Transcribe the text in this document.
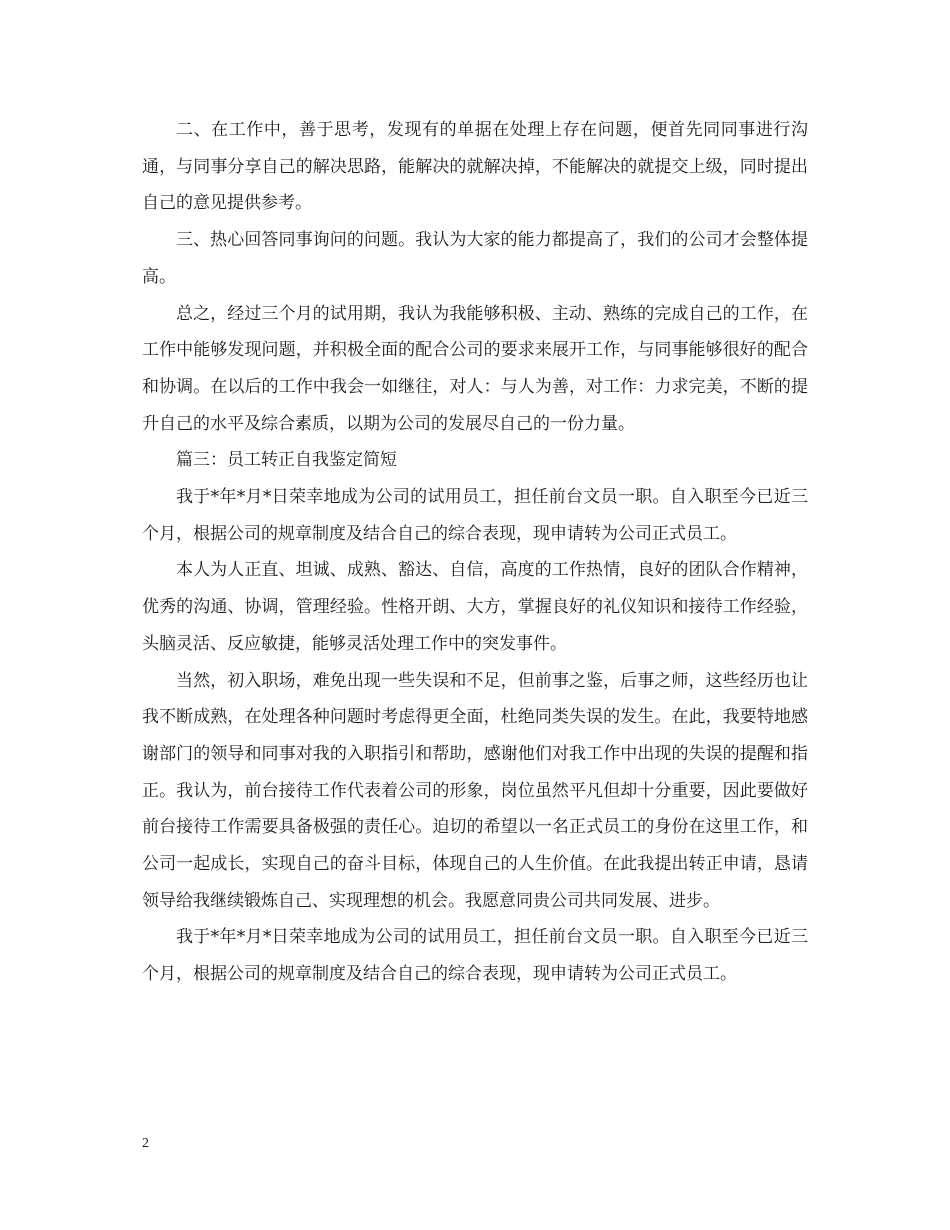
二、在工作中，善于思考，发现有的单据在处理上存在问题，便首先同同事进行沟通，与同事分享自己的解决思路，能解决的就解决掉，不能解决的就提交上级，同时提出自己的意见提供参考。

三、热心回答同事询问的问题。我认为大家的能力都提高了，我们的公司才会整体提高。

总之，经过三个月的试用期，我认为我能够积极、主动、熟练的完成自己的工作，在工作中能够发现问题，并积极全面的配合公司的要求来展开工作，与同事能够很好的配合和协调。在以后的工作中我会一如继往，对人：与人为善，对工作：力求完美，不断的提升自己的水平及综合素质，以期为公司的发展尽自己的一份力量。

篇三：员工转正自我鉴定简短

我于*年*月*日荣幸地成为公司的试用员工，担任前台文员一职。自入职至今已近三个月，根据公司的规章制度及结合自己的综合表现，现申请转为公司正式员工。

本人为人正直、坦诚、成熟、豁达、自信，高度的工作热情，良好的团队合作精神，优秀的沟通、协调，管理经验。性格开朗、大方，掌握良好的礼仪知识和接待工作经验，头脑灵活、反应敏捷，能够灵活处理工作中的突发事件。

当然，初入职场，难免出现一些失误和不足，但前事之鉴，后事之师，这些经历也让我不断成熟，在处理各种问题时考虑得更全面，杜绝同类失误的发生。在此，我要特地感谢部门的领导和同事对我的入职指引和帮助，感谢他们对我工作中出现的失误的提醒和指正。我认为，前台接待工作代表着公司的形象，岗位虽然平凡但却十分重要，因此要做好前台接待工作需要具备极强的责任心。迫切的希望以一名正式员工的身份在这里工作，和公司一起成长，实现自己的奋斗目标，体现自己的人生价值。在此我提出转正申请，恳请领导给我继续锻炼自己、实现理想的机会。我愿意同贵公司共同发展、进步。

我于*年*月*日荣幸地成为公司的试用员工，担任前台文员一职。自入职至今已近三个月，根据公司的规章制度及结合自己的综合表现，现申请转为公司正式员工。

2
